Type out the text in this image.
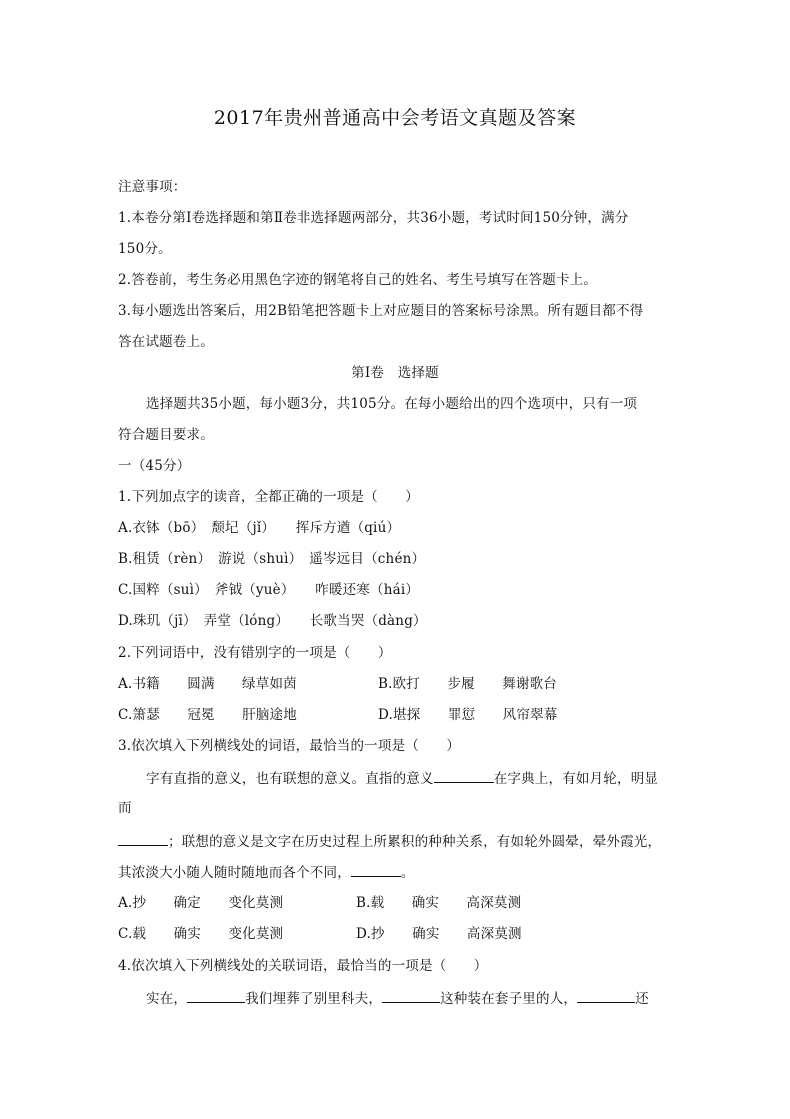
2017年贵州普通高中会考语文真题及答案
注意事项：
1.本卷分第Ⅰ卷选择题和第Ⅱ卷非选择题两部分，共36小题，考试时间150分钟，满分
150分。
2.答卷前，考生务必用黑色字迹的钢笔将自己的姓名、考生号填写在答题卡上。
3.每小题选出答案后，用2B铅笔把答题卡上对应题目的答案标号涂黑。所有题目都不得
答在试题卷上。
第Ⅰ卷　选择题
选择题共35小题，每小题3分，共105分。在每小题给出的四个选项中，只有一项
符合题目要求。
一（45分）
1.下列加点字的读音，全都正确的一项是（　　）
A.衣钵（bō）　颓圮（jǐ）　　挥斥方遒（qiú）
B.租赁（rèn）　游说（shuì）　遥岑远目（chén）
C.国粹（suì）　斧钺（yuè）　　咋暖还寒（hái）
D.珠玑（jī）　弄堂（lóng）　　长歌当哭（dàng）
2.下列词语中，没有错别字的一项是（　　）
A.书籍　　圆满　　绿草如茵	B.欧打　　步履　　舞谢歌台
C.箫瑟　　冠冕　　肝脑途地	D.堪探　　罪愆　　风帘翠幕
3.依次填入下列横线处的词语，最恰当的一项是（　　）
字有直指的意义，也有联想的意义。直指的意义	在字典上，有如月轮，明显
而
；联想的意义是文字在历史过程上所累积的种种关系，有如轮外圆晕，晕外霞光，
其浓淡大小随人随时随地而各个不同，	。
A.抄　　确定　　变化莫测	B.载　　确实　　高深莫测
C.载　　确实　　变化莫测	D.抄　　确实　　高深莫测
4.依次填入下列横线处的关联词语，最恰当的一项是（　　）
实在，	我们埋葬了别里科夫，	这种装在套子里的人，	还
